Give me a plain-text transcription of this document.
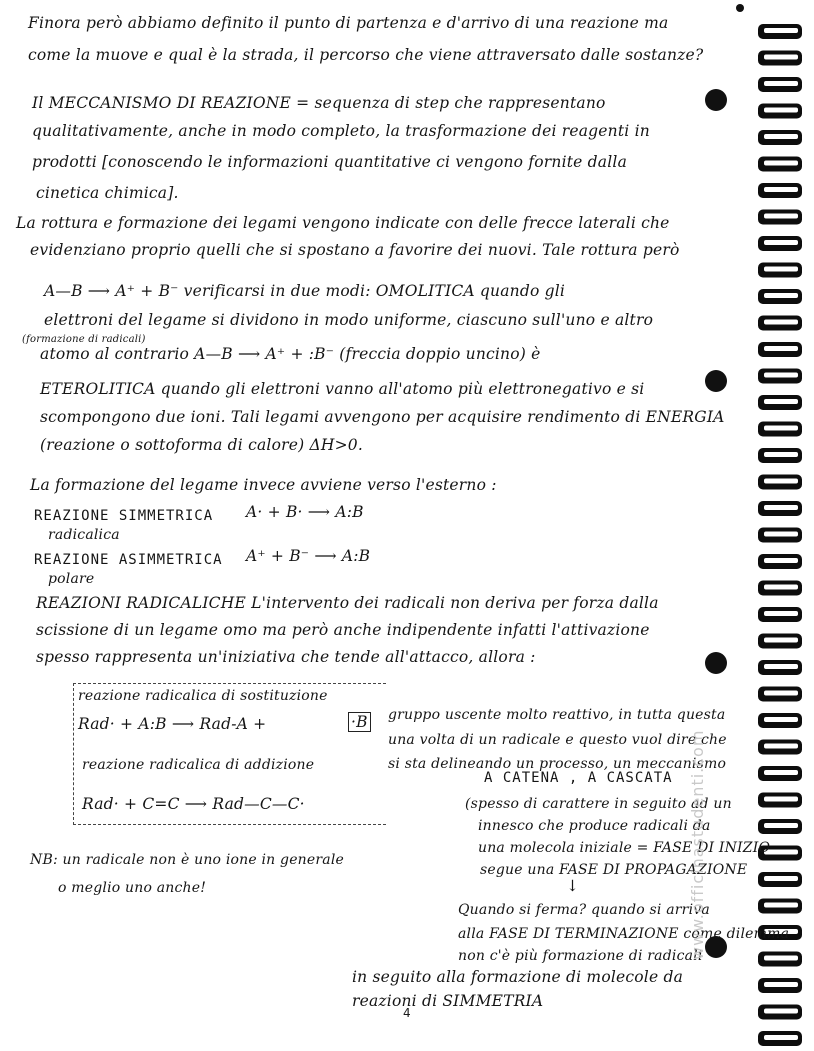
Finora però abbiamo definito il punto di partenza e d'arrivo di una reazione ma
come la muove e qual è la strada, il percorso che viene attraversato dalle sostanze?
Il MECCANISMO DI REAZIONE = sequenza di step che rappresentano
qualitativamente, anche in modo completo, la trasformazione dei reagenti in
prodotti [conoscendo le informazioni quantitative ci vengono fornite dalla
cinetica chimica].
La rottura e formazione dei legami vengono indicate con delle frecce laterali che
evidenziano proprio quelli che si spostano a favorire dei nuovi. Tale rottura però
A—B ⟶ A⁺ + B⁻ verificarsi in due modi: OMOLITICA quando gli
elettroni del legame si dividono in modo uniforme, ciascuno sull'uno e altro
(formazione di radicali)
atomo al contrario A—B ⟶ A⁺ + :B⁻ (freccia doppio uncino) è
ETEROLITICA quando gli elettroni vanno all'atomo più elettronegativo e si
scompongono due ioni. Tali legami avvengono per acquisire rendimento di ENERGIA
(reazione o sottoforma di calore) ΔH>0.
La formazione del legame invece avviene verso l'esterno :
REAZIONE SIMMETRICA
radicalica
A· + B· ⟶ A:B
REAZIONE ASIMMETRICA
polare
A⁺ + B⁻ ⟶ A:B
REAZIONI RADICALICHE L'intervento dei radicali non deriva per forza dalla
scissione di un legame omo ma però anche indipendente infatti l'attivazione
spesso rappresenta un'iniziativa che tende all'attacco, allora :
reazione radicalica di sostituzione
Rad· + A:B ⟶ Rad-A +	·B gruppo uscente molto reattivo, in tutta questa
una volta di un radicale e questo vuol dire che
si sta delineando un processo, un meccanismo
A CATENA , A CASCATA
reazione radicalica di addizione
Rad· + C=C ⟶ Rad—C—C·	(spesso di carattere in seguito ad un
innesco che produce radicali da
una molecola iniziale = FASE DI INIZIO
segue una FASE DI PROPAGAZIONE
↓
Quando si ferma? quando si arriva
alla FASE DI TERMINAZIONE come dilemma
non c'è più formazione di radicali
NB: un radicale non è uno ione in generale
o meglio uno anche!
in seguito alla formazione di molecole da
reazioni di SIMMETRIA
4
www.officinastudenti.com
